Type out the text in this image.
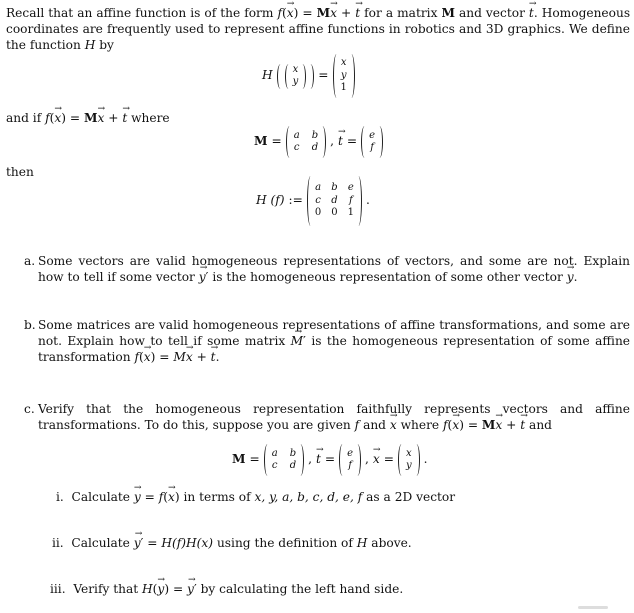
Recall that an affine function is of the form f(x →) = Mx → + t → for a matrix M and vector t →. Homogeneous coordinates are frequently used to represent affine functions in robotics and 3D graphics. We define the function H by
H x
y =
x
y
1
and if f(x →) = Mx → + t → where
M = a b
c d , t → = e
f
then
H (f) :=
a b e
c d f
0 0 1
.
a. Some vectors are valid homogeneous representations of vectors, and some are not. Explain how to tell if some vector y′ → is the homogeneous representation of some other vector y →.
b. Some matrices are valid homogeneous representations of affine transformations, and some are not. Explain how to tell if some matrix M′ → is the homogeneous representation of some affine transformation f(x →) = Mx → + t →.
c. Verify that the homogeneous representation faithfully represents vectors and affine transformations. To do this, suppose you are given f and x → where f(x →) = Mx → + t → and
M = a b
c d , t → = e
f , x → = x
y .
i. Calculate y → = f(x →) in terms of x, y, a, b, c, d, e, f as a 2D vector
ii. Calculate y′ → = H(f)H(x) using the definition of H above.
iii. Verify that H(y →) = y′ → by calculating the left hand side.
